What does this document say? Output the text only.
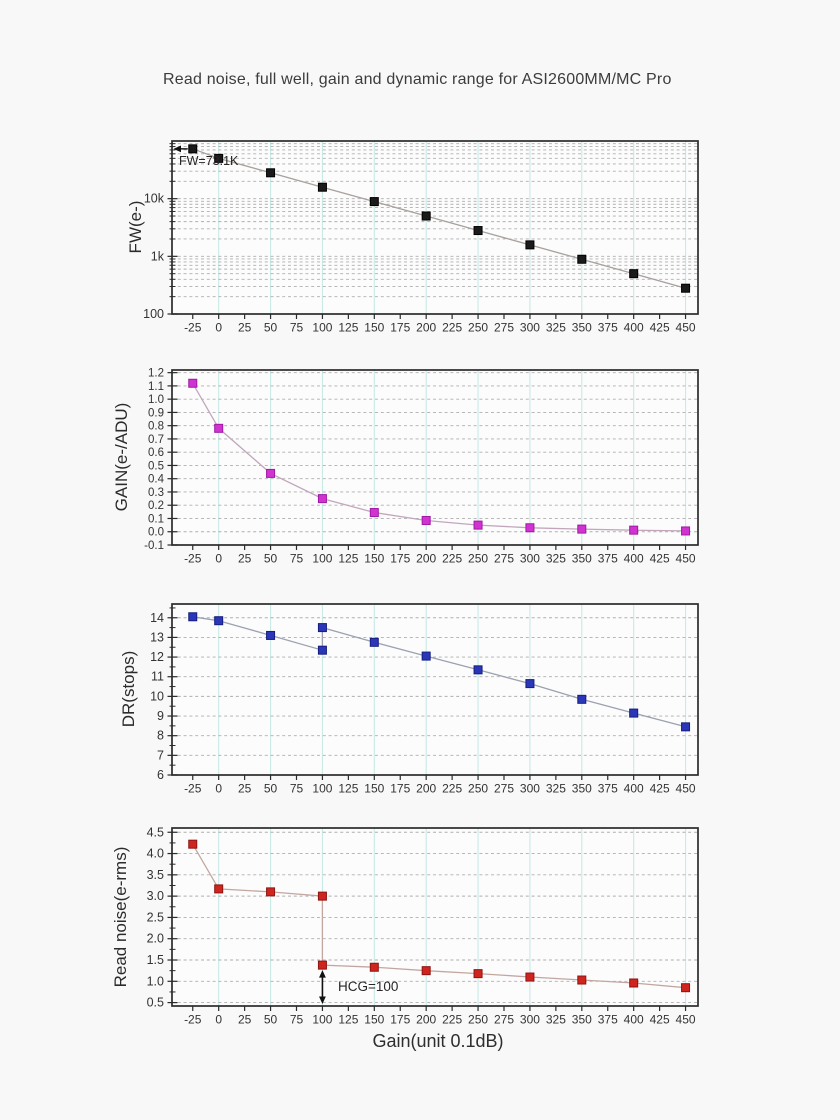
Read noise, full well, gain and dynamic range for ASI2600MM/MC Pro
-25 0 25 50 75 100 125 150 175 200 225 250 275 300 325 350 375 400 425 450
100
1k
10k
-25 0 25 50 75 100 125 150 175 200 225 250 275 300 325 350 375 400 425 450
1.2
1.1
1.0
0.9
0.8
0.7
0.6
0.5
0.4
0.3
0.2
0.1
0.0
-0.1
-25 0 25 50 75 100 125 150 175 200 225 250 275 300 325 350 375 400 425 450
14
13
12
11
10
9
8
7
6
-25 0 25 50 75 100 125 150 175 200 225 250 275 300 325 350 375 400 425 450
4.5
4.0
3.5
3.0
2.5
2.0
1.5
1.0
0.5
FW(e-)
GAIN(e-/ADU)
DR(stops)
Read noise(e-rms)
FW=73.1K
HCG=100
Gain(unit 0.1dB)
